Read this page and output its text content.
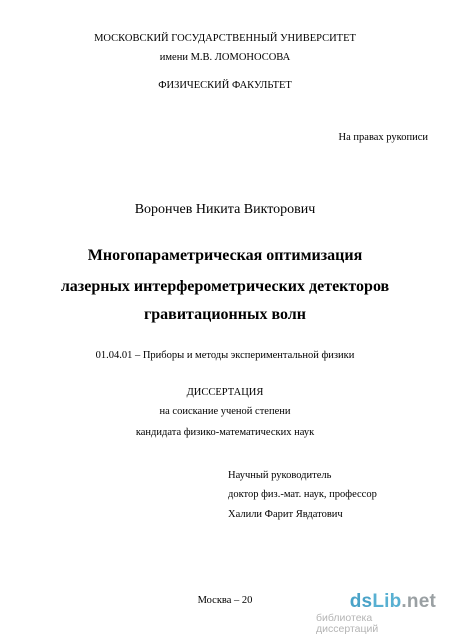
МОСКОВСКИЙ ГОСУДАРСТВЕННЫЙ УНИВЕРСИТЕТ
имени М.В. ЛОМОНОСОВА
ФИЗИЧЕСКИЙ ФАКУЛЬТЕТ
На правах рукописи
Ворончев Никита Викторович
Многопараметрическая оптимизация
лазерных интерферометрических детекторов
гравитационных волн
01.04.01 – Приборы и методы экспериментальной физики
ДИССЕРТАЦИЯ
на соискание ученой степени
кандидата физико-математических наук
Научный руководитель
доктор физ.-мат. наук, профессор
Халили Фарит Явдатович
Москва – 20	dsLib.net
библиотека диссертаций
